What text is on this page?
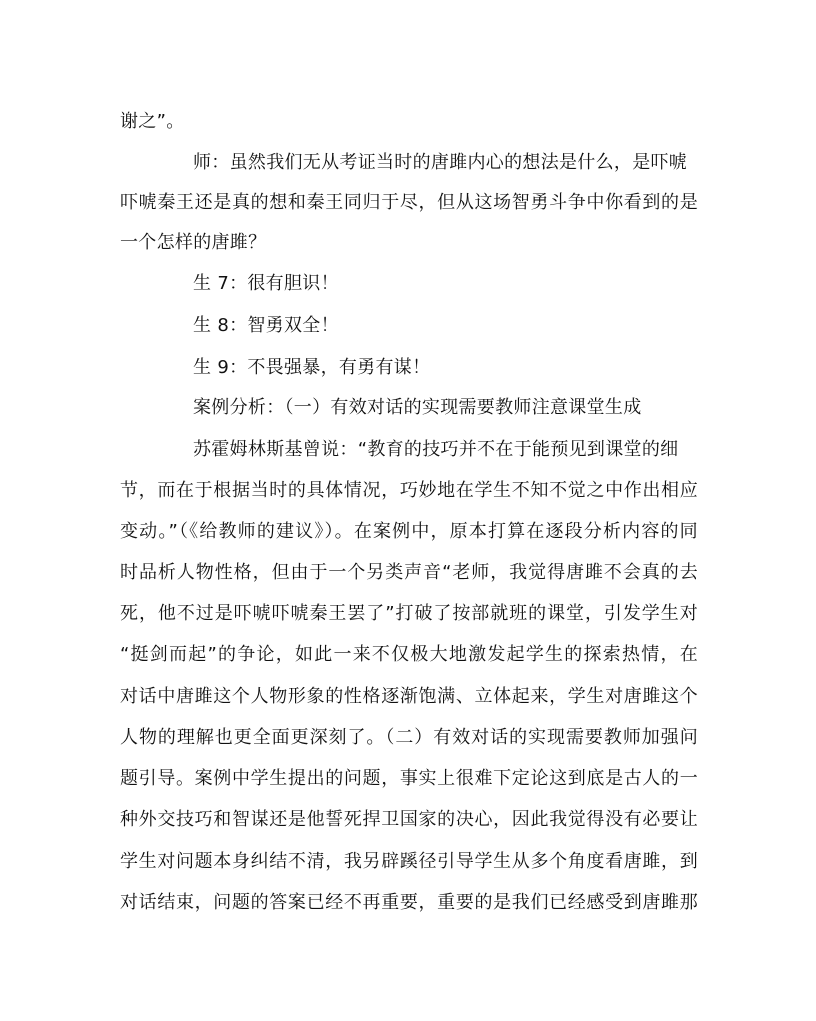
谢之”。
师：虽然我们无从考证当时的唐雎内心的想法是什么，是吓唬
吓唬秦王还是真的想和秦王同归于尽，但从这场智勇斗争中你看到的是
一个怎样的唐雎？
生 7：很有胆识！
生 8：智勇双全！
生 9：不畏强暴，有勇有谋！
案例分析：（一）有效对话的实现需要教师注意课堂生成
苏霍姆林斯基曾说：“教育的技巧并不在于能预见到课堂的细
节，而在于根据当时的具体情况，巧妙地在学生不知不觉之中作出相应
变动。”（《给教师的建议》）。在案例中，原本打算在逐段分析内容的同
时品析人物性格，但由于一个另类声音“老师，我觉得唐雎不会真的去
死，他不过是吓唬吓唬秦王罢了”打破了按部就班的课堂，引发学生对
“挺剑而起”的争论，如此一来不仅极大地激发起学生的探索热情，在
对话中唐雎这个人物形象的性格逐渐饱满、立体起来，学生对唐雎这个
人物的理解也更全面更深刻了。（二）有效对话的实现需要教师加强问
题引导。案例中学生提出的问题，事实上很难下定论这到底是古人的一
种外交技巧和智谋还是他誓死捍卫国家的决心，因此我觉得没有必要让
学生对问题本身纠结不清，我另辟蹊径引导学生从多个角度看唐雎，到
对话结束，问题的答案已经不再重要，重要的是我们已经感受到唐雎那
